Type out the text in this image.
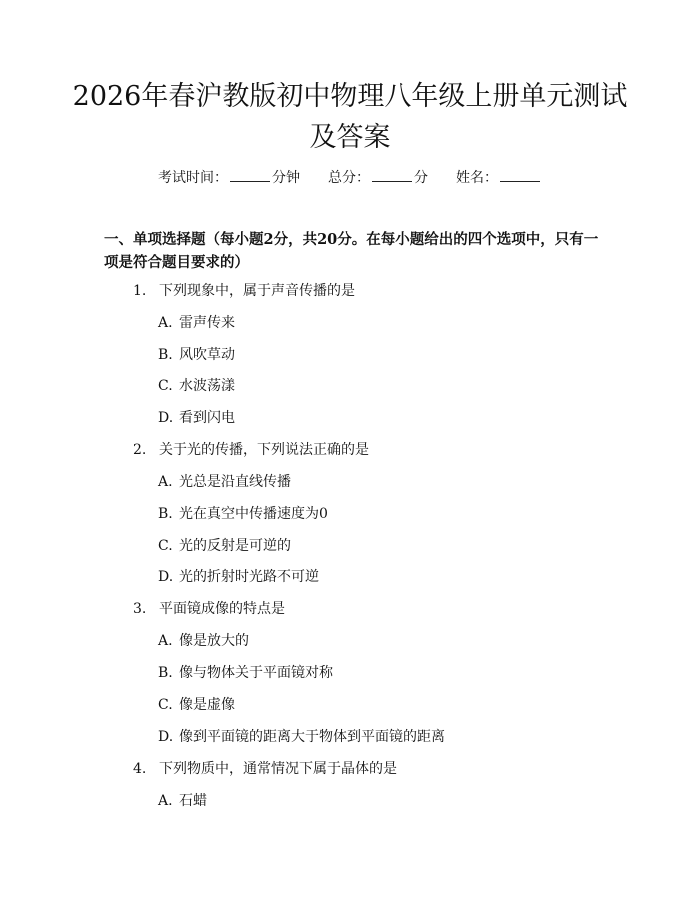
2026年春沪教版初中物理八年级上册单元测试及答案
考试时间：	分钟 总分：	分 姓名：

一、单项选择题（每小题2分，共20分。在每小题给出的四个选项中，只有一项是符合题目要求的）

1. 下列现象中，属于声音传播的是
A. 雷声传来
B. 风吹草动
C. 水波荡漾
D. 看到闪电
2. 关于光的传播，下列说法正确的是
A. 光总是沿直线传播
B. 光在真空中传播速度为0
C. 光的反射是可逆的
D. 光的折射时光路不可逆
3. 平面镜成像的特点是
A. 像是放大的
B. 像与物体关于平面镜对称
C. 像是虚像
D. 像到平面镜的距离大于物体到平面镜的距离
4. 下列物质中，通常情况下属于晶体的是
A. 石蜡
